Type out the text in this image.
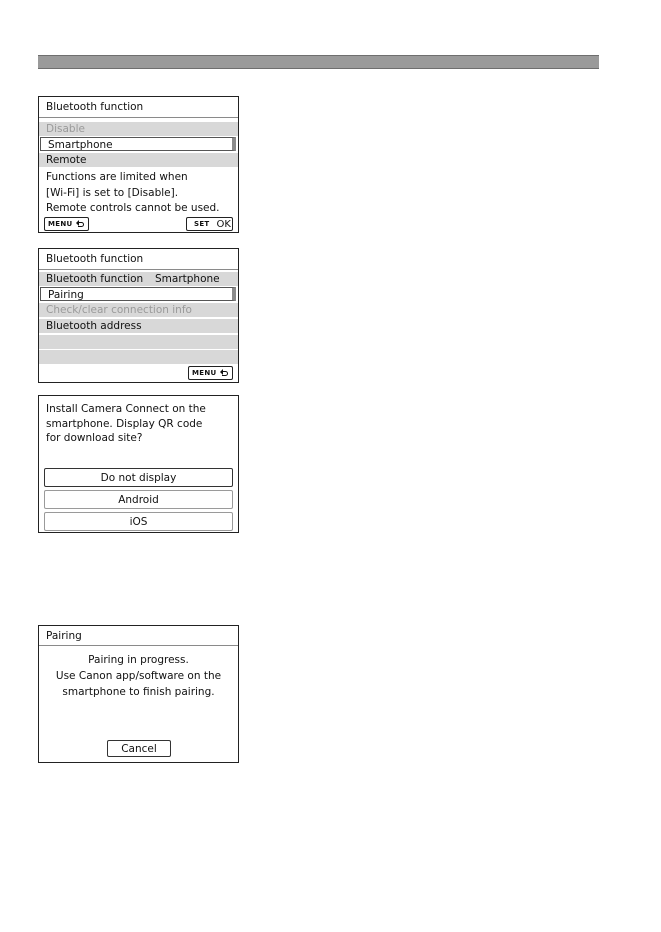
Bluetooth function
Disable
Smartphone
Remote
Functions are limited when
[Wi-Fi] is set to [Disable].
Remote controls cannot be used.
MENU	SET OK
Bluetooth function
Bluetooth function Smartphone
Pairing
Check/clear connection info
Bluetooth address
MENU
Install Camera Connect on the
smartphone. Display QR code
for download site?
Do not display
Android
iOS
Pairing
Pairing in progress.
Use Canon app/software on the
smartphone to finish pairing.
Cancel
